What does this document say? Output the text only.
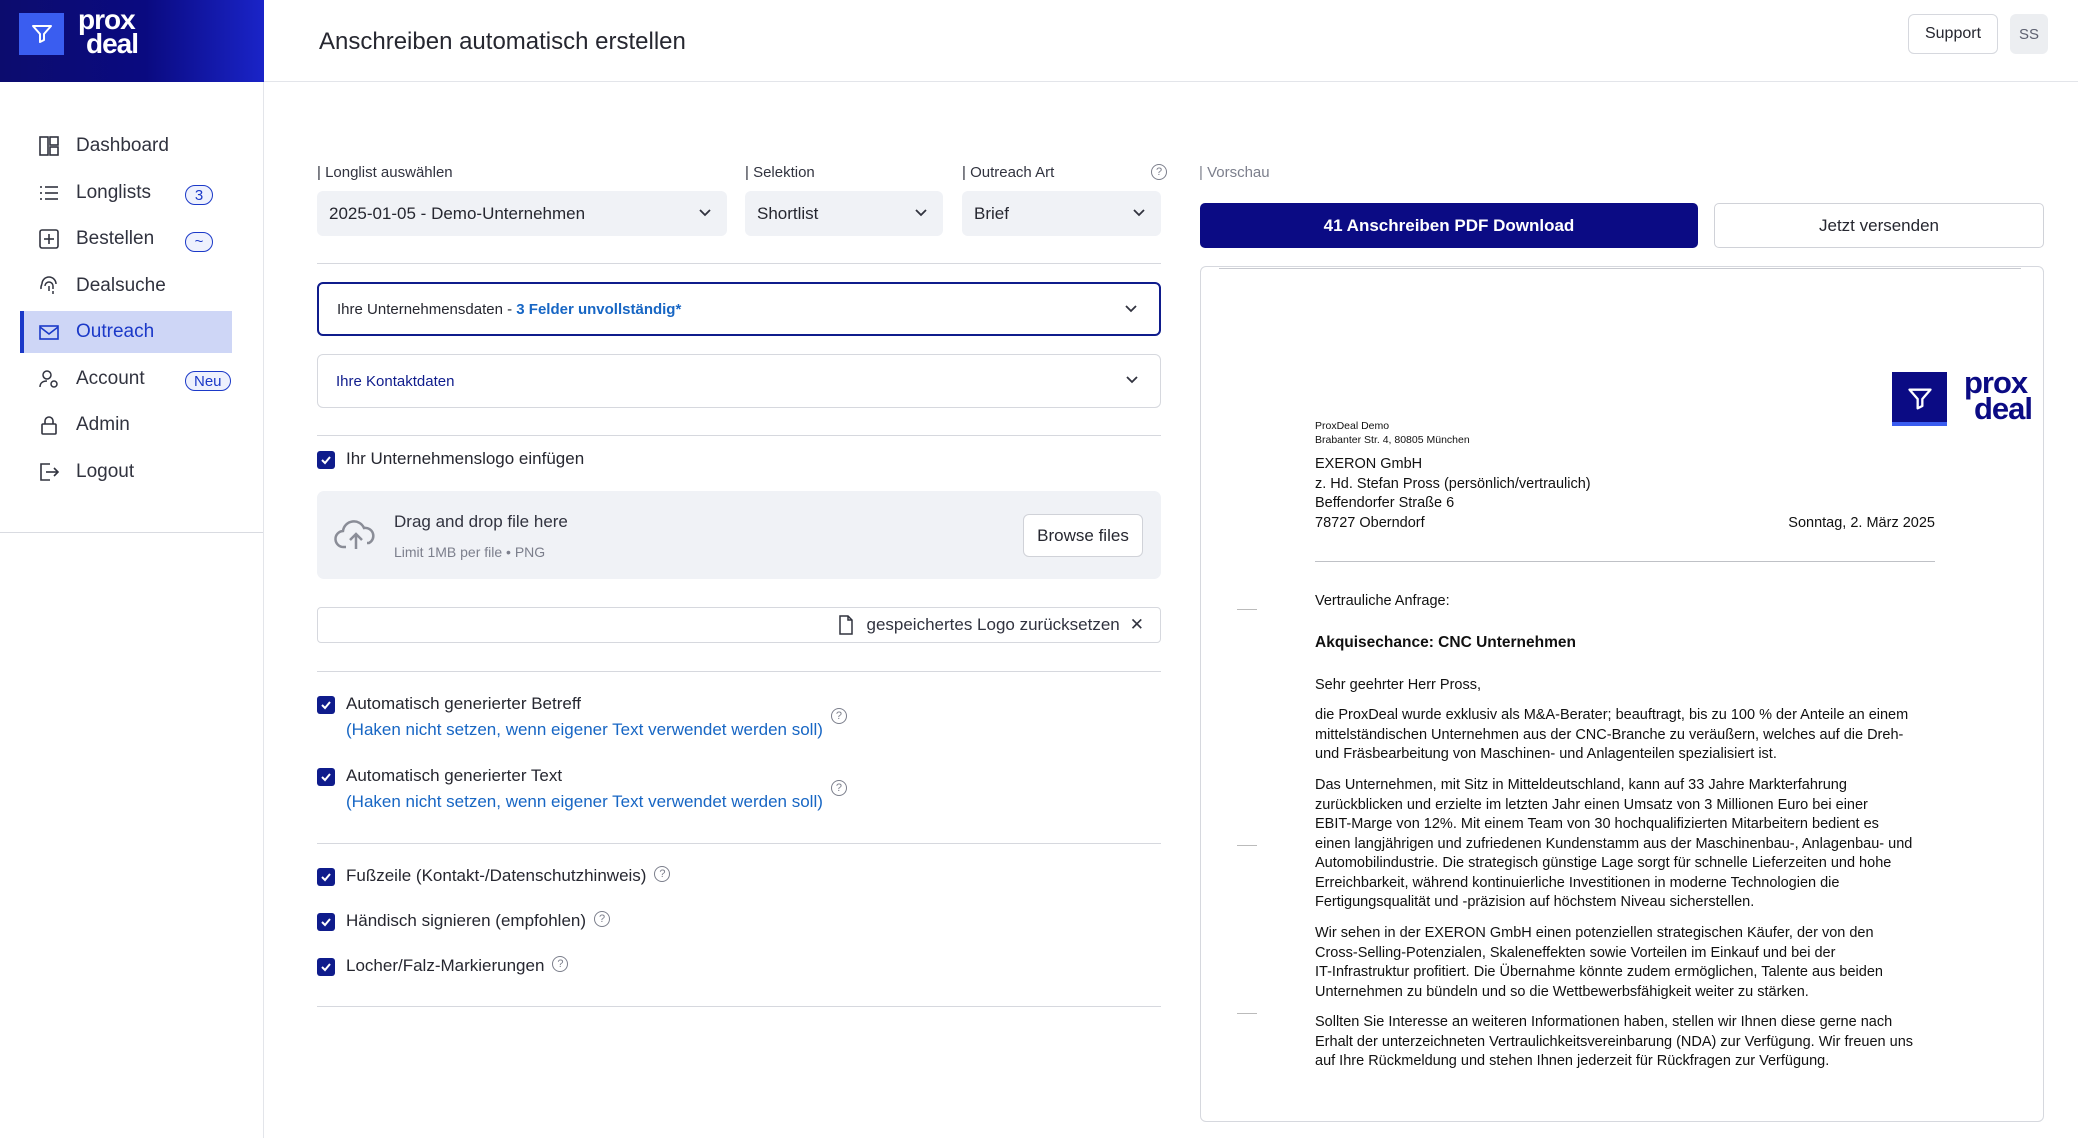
prox
deal
Dashboard
Longlists	3
Bestellen	~
Dealsuche
Outreach
Account	Neu
Admin
Logout
Anschreiben automatisch erstellen	Support	SS
| Longlist auswählen
2025-01-05 - Demo-Unternehmen
| Selektion
Shortlist
| Outreach Art	?
Brief
Ihre Unternehmensdaten - 3 Felder unvollständig*
Ihre Kontaktdaten
Ihr Unternehmenslogo einfügen
Drag and drop file here
Limit 1MB per file • PNG
Browse files
gespeichertes Logo zurücksetzen ✕
Automatisch generierter Betreff
(Haken nicht setzen, wenn eigener Text verwendet werden soll)
?
Automatisch generierter Text
(Haken nicht setzen, wenn eigener Text verwendet werden soll)
?
Fußzeile (Kontakt-/Datenschutzhinweis)	?
Händisch signieren (empfohlen)	?
Locher/Falz-Markierungen	?
| Vorschau
41 Anschreiben PDF Download	Jetzt versenden
prox
deal
ProxDeal Demo
Brabanter Str. 4, 80805 München
EXERON GmbH
z. Hd. Stefan Pross (persönlich/vertraulich)
Beffendorfer Straße 6
78727 Oberndorf	Sonntag, 2. März 2025
Vertrauliche Anfrage:
Akquisechance: CNC Unternehmen
Sehr geehrter Herr Pross,
die ProxDeal wurde exklusiv als M&A-Berater; beauftragt, bis zu 100 % der Anteile an einem
mittelständischen Unternehmen aus der CNC-Branche zu veräußern, welches auf die Dreh-
und Fräsbearbeitung von Maschinen- und Anlagenteilen spezialisiert ist.
Das Unternehmen, mit Sitz in Mitteldeutschland, kann auf 33 Jahre Markterfahrung
zurückblicken und erzielte im letzten Jahr einen Umsatz von 3 Millionen Euro bei einer
EBIT-Marge von 12%. Mit einem Team von 30 hochqualifizierten Mitarbeitern bedient es
einen langjährigen und zufriedenen Kundenstamm aus der Maschinenbau-, Anlagenbau- und
Automobilindustrie. Die strategisch günstige Lage sorgt für schnelle Lieferzeiten und hohe
Erreichbarkeit, während kontinuierliche Investitionen in moderne Technologien die
Fertigungsqualität und -präzision auf höchstem Niveau sicherstellen.
Wir sehen in der EXERON GmbH einen potenziellen strategischen Käufer, der von den
Cross-Selling-Potenzialen, Skaleneffekten sowie Vorteilen im Einkauf und bei der
IT-Infrastruktur profitiert. Die Übernahme könnte zudem ermöglichen, Talente aus beiden
Unternehmen zu bündeln und so die Wettbewerbsfähigkeit weiter zu stärken.
Sollten Sie Interesse an weiteren Informationen haben, stellen wir Ihnen diese gerne nach
Erhalt der unterzeichneten Vertraulichkeitsvereinbarung (NDA) zur Verfügung. Wir freuen uns
auf Ihre Rückmeldung und stehen Ihnen jederzeit für Rückfragen zur Verfügung.
